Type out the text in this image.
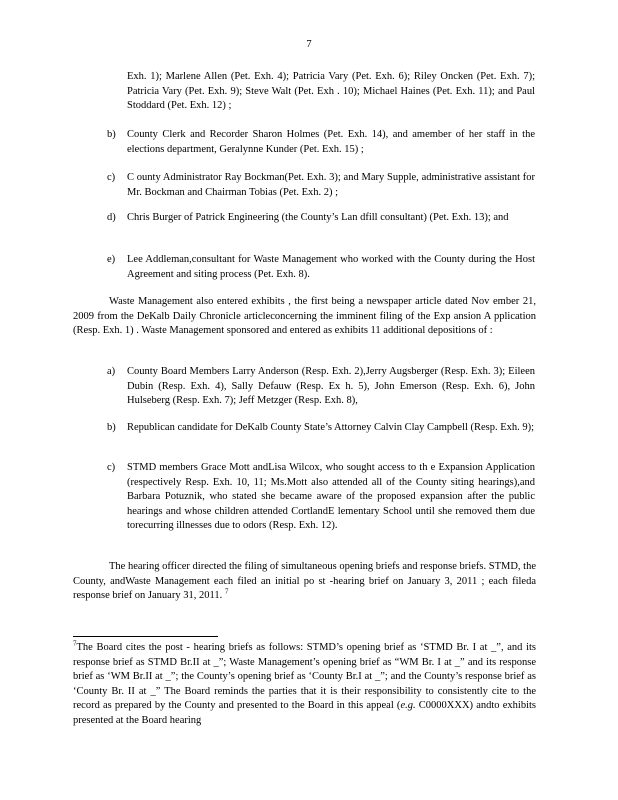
7
Exh. 1); Marlene Allen (Pet. Exh. 4); Patricia Vary (Pet. Exh. 6); Riley Oncken (Pet. Exh. 7); Patricia Vary (Pet. Exh. 9); Steve Walt (Pet. Exh . 10); Michael Haines (Pet. Exh. 11); and Paul Stoddard (Pet. Exh. 12) ;
b)	County Clerk and Recorder Sharon Holmes (Pet. Exh. 14), and amember of her staff in the elections department, Geralynne Kunder (Pet. Exh. 15) ;
c)	C ounty Administrator Ray Bockman(Pet. Exh. 3); and Mary Supple, administrative assistant for Mr. Bockman and Chairman Tobias (Pet. Exh. 2) ;
d)	Chris Burger of Patrick Engineering (the County’s Lan dfill consultant) (Pet. Exh. 13); and
e)	Lee Addleman,consultant for Waste Management who worked with the County during the Host Agreement and siting process (Pet. Exh. 8).
Waste Management also entered exhibits , the first being a newspaper article dated Nov ember 21, 2009 from the DeKalb Daily Chronicle articleconcerning the imminent filing of the Exp ansion A pplication (Resp. Exh. 1) . Waste Management sponsored and entered as exhibits 11 additional depositions of :
a)	County Board Members Larry Anderson (Resp. Exh. 2),Jerry Augsberger (Resp. Exh. 3); Eileen Dubin (Resp. Exh. 4), Sally Defauw (Resp. Ex h. 5), John Emerson (Resp. Exh. 6), John Hulseberg (Resp. Exh. 7); Jeff Metzger (Resp. Exh. 8),
b)	Republican candidate for DeKalb County State’s Attorney Calvin Clay Campbell (Resp. Exh. 9);
c)	STMD members Grace Mott andLisa Wilcox, who sought access to th e Expansion Application (respectively Resp. Exh. 10, 11; Ms.Mott also attended all of the County siting hearings),and Barbara Potuznik, who stated she became aware of the proposed expansion after the public hearings and whose children attended CortlandE lementary School until she removed them due torecurring illnesses due to odors (Resp. Exh. 12).
The hearing officer directed the filing of simultaneous opening briefs and response briefs. STMD, the County, andWaste Management each filed an initial po st -hearing brief on January 3, 2011 ; each fileda response brief on January 31, 2011. $^7$
$^7$The Board cites the post - hearing briefs as follows: STMD’s opening brief as ‘STMD Br. I at _”, and its response brief as STMD Br.II at _”; Waste Management’s opening brief as “WM Br. I at _” and its response brief as ‘WM Br.II at _”; the County’s opening brief as ‘County Br.I at _”; and the County’s response brief as ‘County Br. II at _” The Board reminds the parties that it is their responsibility to consistently cite to the record as prepared by the County and presented to the Board in this appeal (e.g. C0000XXX) andto exhibits presented at the Board hearing
